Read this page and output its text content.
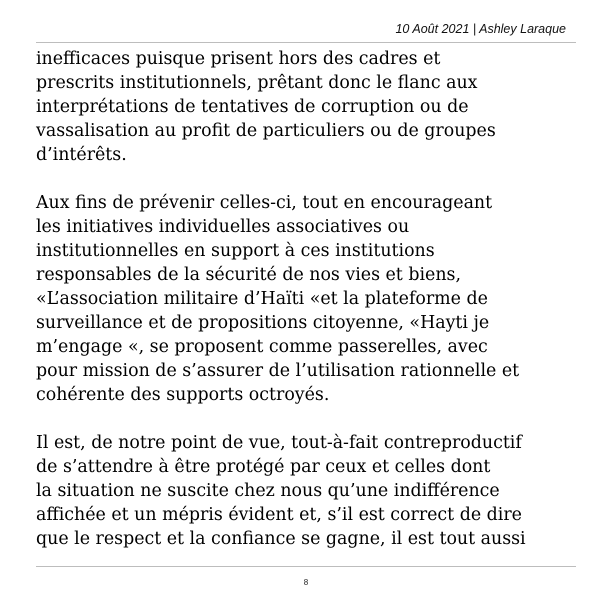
10 Août 2021 | Ashley Laraque

inefficaces puisque prisent hors des cadres et
prescrits institutionnels, prêtant donc le flanc aux
interprétations de tentatives de corruption ou de
vassalisation au profit de particuliers ou de groupes
d’intérêts.

Aux fins de prévenir celles-ci, tout en encourageant
les initiatives individuelles associatives ou
institutionnelles en support à ces institutions
responsables de la sécurité de nos vies et biens,
«L’association militaire d’Haïti «et la plateforme de
surveillance et de propositions citoyenne, «Hayti je
m’engage «, se proposent comme passerelles, avec
pour mission de s’assurer de l’utilisation rationnelle et
cohérente des supports octroyés.

Il est, de notre point de vue, tout-à-fait contreproductif
de s’attendre à être protégé par ceux et celles dont
la situation ne suscite chez nous qu’une indifférence
affichée et un mépris évident et, s’il est correct de dire
que le respect et la confiance se gagne, il est tout aussi

8
